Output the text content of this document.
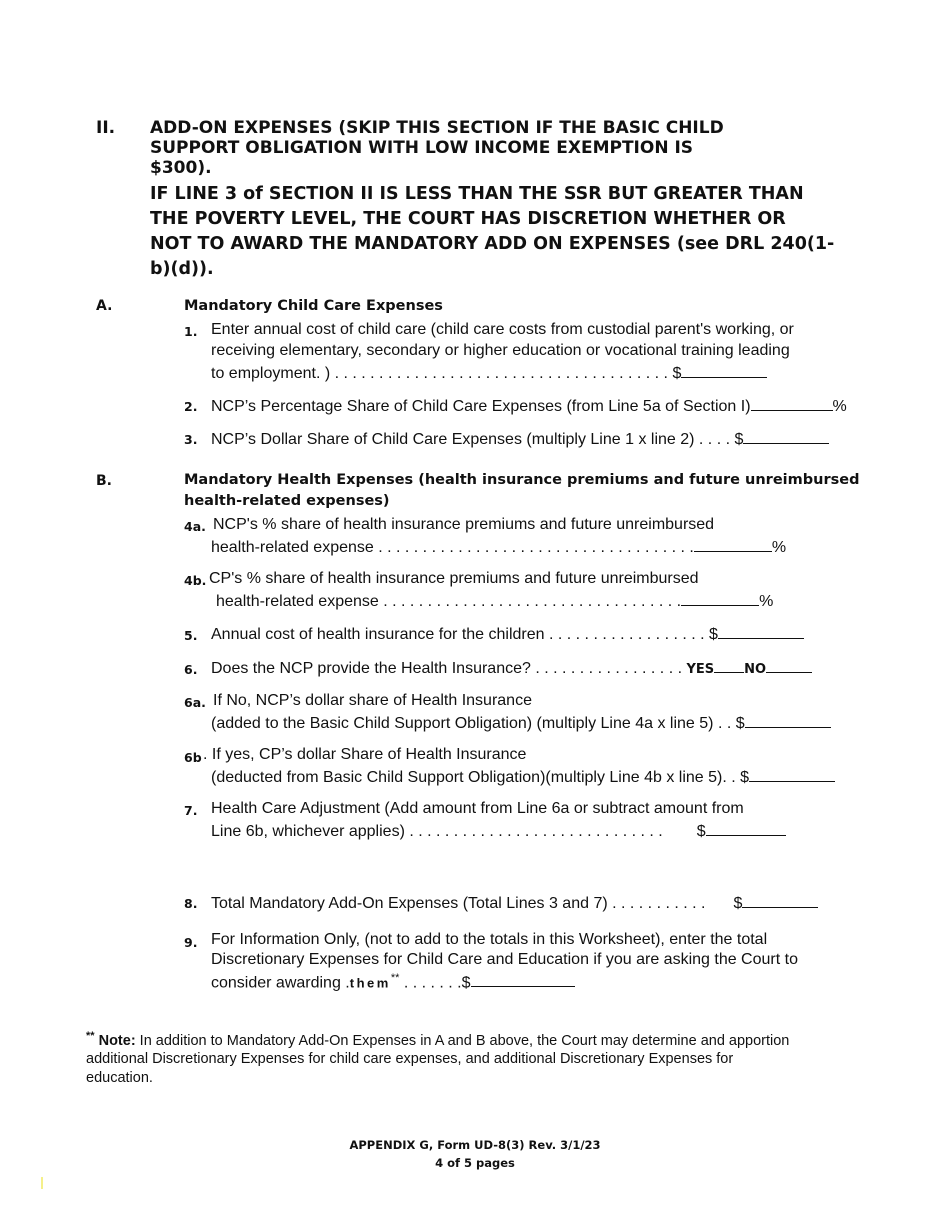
II. ADD-ON EXPENSES (SKIP THIS SECTION IF THE BASIC CHILD
SUPPORT OBLIGATION WITH LOW INCOME EXEMPTION IS
$300).
IF LINE 3 of SECTION II IS LESS THAN THE SSR BUT GREATER THAN
THE POVERTY LEVEL, THE COURT HAS DISCRETION WHETHER OR
NOT TO AWARD THE MANDATORY ADD ON EXPENSES (see DRL 240(1-
b)(d)).
A.	Mandatory Child Care Expenses
1. Enter annual cost of child care (child care costs from custodial parent's working, or
receiving elementary, secondary or higher education or vocational training leading
to employment. ) . . . . . . . . . . . . . . . . . . . . . . . . . . . . . . . . . . . . . . $
2. NCP’s Percentage Share of Child Care Expenses (from Line 5a of Section I)	%
3. NCP’s Dollar Share of Child Care Expenses (multiply Line 1 x line 2) . . . . $
B.	Mandatory Health Expenses (health insurance premiums and future unreimbursed
health-related expenses)
4a. NCP's % share of health insurance premiums and future unreimbursed
health-related expense . . . . . . . . . . . . . . . . . . . . . . . . . . . . . . . . . . . .	%
4b. CP's % share of health insurance premiums and future unreimbursed
health-related expense . . . . . . . . . . . . . . . . . . . . . . . . . . . . . . . . . .	%
5. Annual cost of health insurance for the children . . . . . . . . . . . . . . . . . . $
6. Does the NCP provide the Health Insurance? . . . . . . . . . . . . . . . . . YES NO
6a. If No, NCP’s dollar share of Health Insurance
(added to the Basic Child Support Obligation) (multiply Line 4a x line 5) . . $
6b . If yes, CP’s dollar Share of Health Insurance
(deducted from Basic Child Support Obligation)(multiply Line 4b x line 5). . $
7. Health Care Adjustment (Add amount from Line 6a or subtract amount from
Line 6b, whichever applies) . . . . . . . . . . . . . . . . . . . . . . . . . . . . . $
8. Total Mandatory Add-On Expenses (Total Lines 3 and 7) . . . . . . . . . . . $
9. For Information Only, (not to add to the totals in this Worksheet), enter the total
Discretionary Expenses for Child Care and Education if you are asking the Court to
consider awarding .them** . . . . . . .$
** Note: In addition to Mandatory Add-On Expenses in A and B above, the Court may determine and apportion
additional Discretionary Expenses for child care expenses, and additional Discretionary Expenses for
education.
APPENDIX G, Form UD-8(3) Rev. 3/1/23
4 of 5 pages
